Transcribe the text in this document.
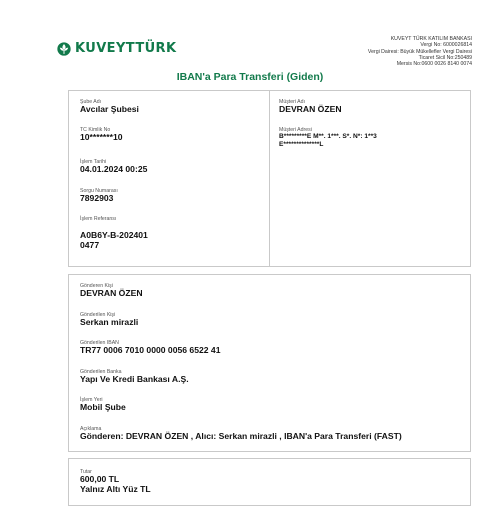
KUVEYTTÜRK
KUVEYT TÜRK KATILIM BANKASI
Vergi No: 6000026814
Vergi Dairesi: Büyük Mükellefler Vergi Dairesi
Ticaret Sicil No:250489
Mersis No:0600 0026 8140 0074
IBAN'a Para Transferi (Giden)
Şube Adı
Avcılar Şubesi
TC Kimlik No
10*******10
İşlem Tarihi
04.01.2024 00:25
Sorgu Numarası
7892903
İşlem Referansı
A0B6Y-B-202401
0477
Müşteri Adı
DEVRAN ÖZEN
Müşteri Adresi
B*********E M**. 1***. S*. N*: 1**3
E**************L
Gönderen Kişi
DEVRAN ÖZEN
Gönderilen Kişi
Serkan mirazli
Gönderilen IBAN
TR77 0006 7010 0000 0056 6522 41
Gönderilen Banka
Yapı Ve Kredi Bankası A.Ş.
İşlem Yeri
Mobil Şube
Açıklama
Gönderen: DEVRAN ÖZEN , Alıcı: Serkan mirazli , IBAN'a Para Transferi (FAST)
Tutar
600,00 TL
Yalnız Altı Yüz TL
